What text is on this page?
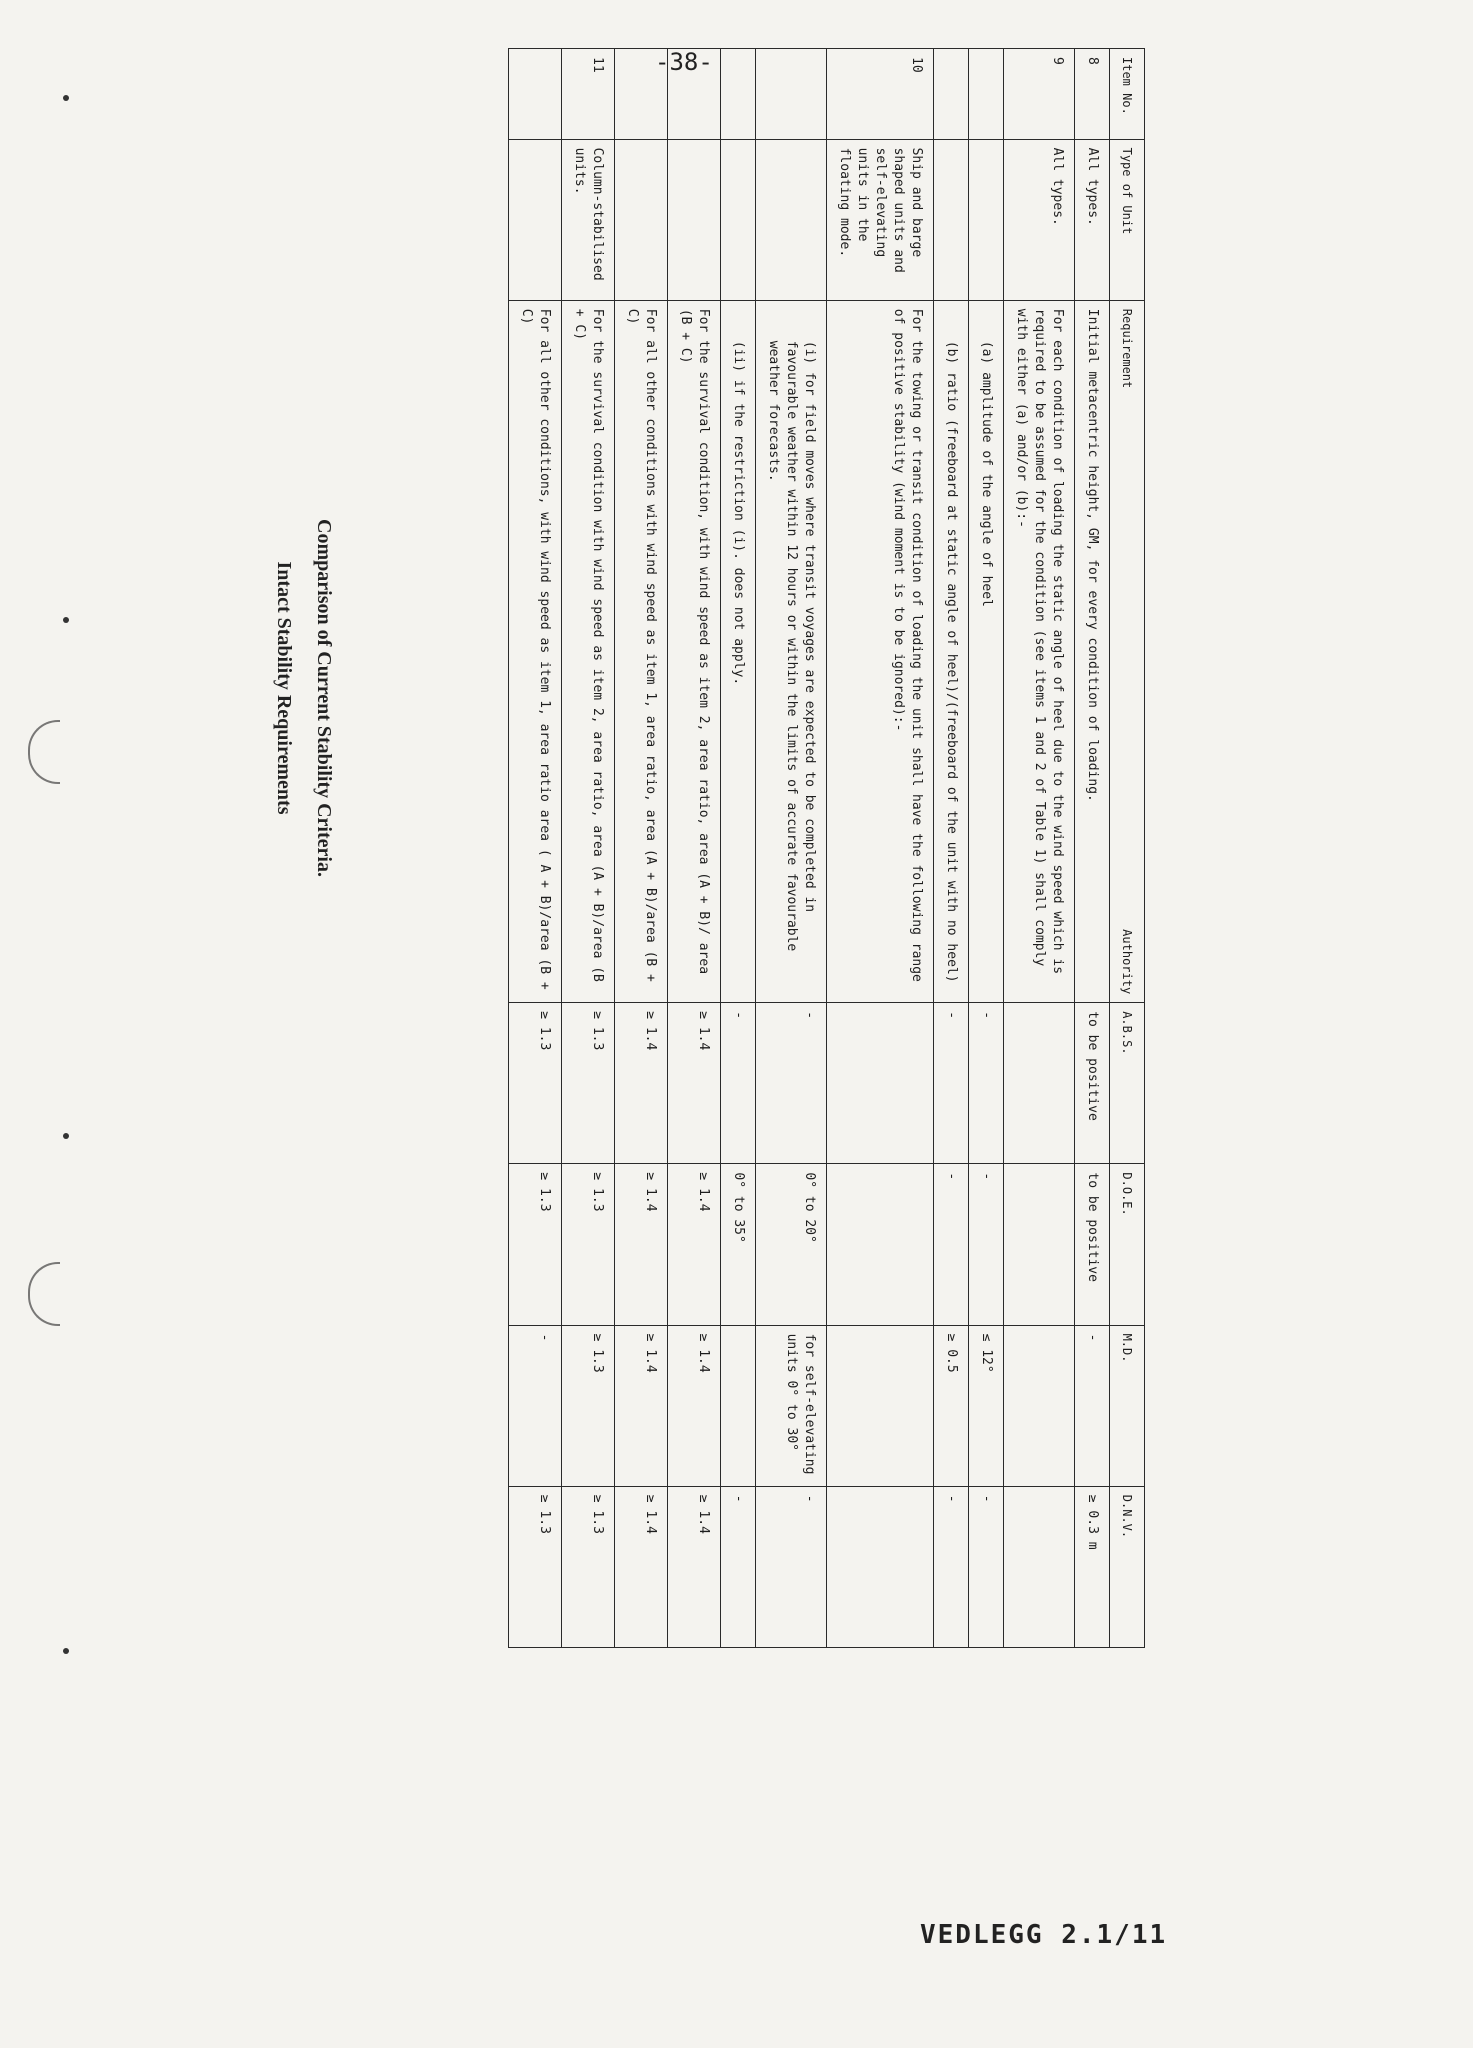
Item No.	Type of Unit	Requirement
Authority	A.B.S.	D.O.E.	M.D.	D.N.V.
8	All types.	Initial metacentric height, GM, for every condition of loading.	to be positive	to be positive	-	≥ 0.3 m
9	All types.	For each condition of loading the static angle of heel due to the wind speed which is required to be assumed for the condition (see items 1 and 2 of Table 1) shall comply with either (a) and/or (b):-				
		(a) amplitude of the angle of heel	-	-	≤ 12°	-
		(b) ratio (freeboard at static angle of heel)/(freeboard of the unit with no heel)	-	-	≥ 0.5	-
10	Ship and barge shaped units and self-elevating units in the floating mode.	For the towing or transit condition of loading the unit shall have the following range of positive stability (wind moment is to be ignored):-				
		(i) for field moves where transit voyages are expected to be completed in favourable weather within 12 hours or within the limits of accurate favourable weather forecasts.	-	0° to 20°	for self-elevating units 0° to 30°	-
		(ii) if the restriction (i). does not apply.	-	0° to 35°		-
		For the survival condition, with wind speed as item 2, area ratio, area (A + B)/ area (B + C)	≥ 1.4	≥ 1.4	≥ 1.4	≥ 1.4
		For all other conditions with wind speed as item 1, area ratio, area (A + B)/area (B + C)	≥ 1.4	≥ 1.4	≥ 1.4	≥ 1.4
11	Column-stabilised units.	For the survival condition with wind speed as item 2, area ratio, area (A + B)/area (B + C)	≥ 1.3	≥ 1.3	≥ 1.3	≥ 1.3
		For all other conditions, with wind speed as item 1, area ratio area ( A + B)/area (B + C)	≥ 1.3	≥ 1.3	-	≥ 1.3
Comparison of Current Stability Criteria.
Intact Stability Requirements
-38-
VEDLEGG 2.1/11
